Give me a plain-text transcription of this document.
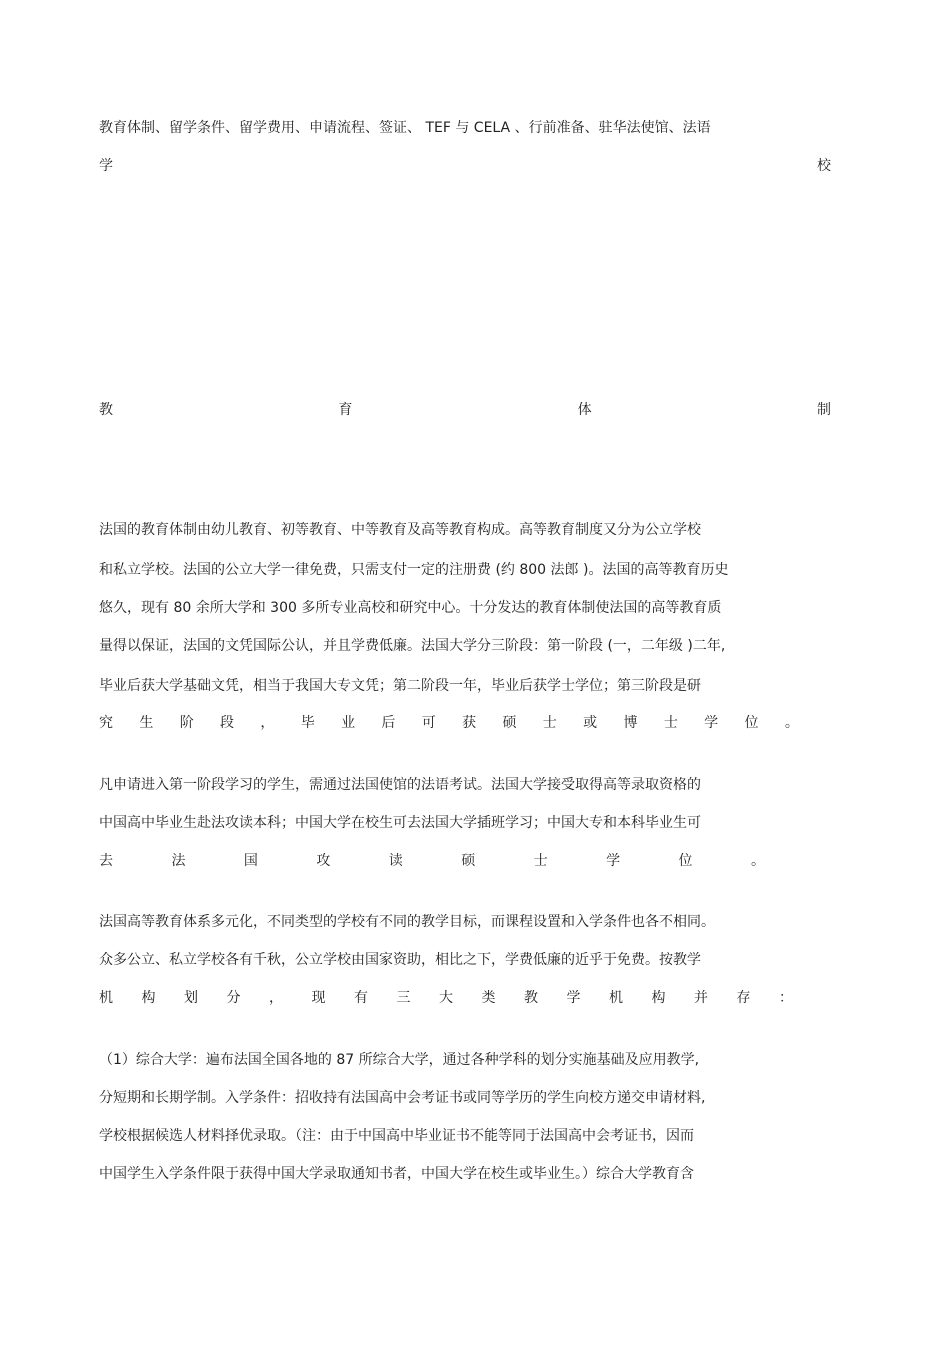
教育体制、留学条件、留学费用、申请流程、签证、 TEF 与 CELA 、行前准备、驻华法使馆、法语
学	校
教	育	体	制
法国的教育体制由幼儿教育、初等教育、中等教育及高等教育构成。高等教育制度又分为公立学校
和私立学校。法国的公立大学一律免费，只需支付一定的注册费 (约 800 法郎 )。法国的高等教育历史
悠久，现有 80 余所大学和 300 多所专业高校和研究中心。十分发达的教育体制使法国的高等教育质
量得以保证，法国的文凭国际公认，并且学费低廉。法国大学分三阶段：第一阶段 (一，二年级 )二年,
毕业后获大学基础文凭，相当于我国大专文凭；第二阶段一年，毕业后获学士学位；第三阶段是研
究 生 阶 段 ， 毕 业 后 可 获 硕 士 或 博 士 学 位 。
凡申请进入第一阶段学习的学生，需通过法国使馆的法语考试。法国大学接受取得高等录取资格的
中国高中毕业生赴法攻读本科；中国大学在校生可去法国大学插班学习；中国大专和本科毕业生可
去	法	国	攻	读	硕	士	学	位	。
法国高等教育体系多元化，不同类型的学校有不同的教学目标，而课程设置和入学条件也各不相同。
众多公立、私立学校各有千秋，公立学校由国家资助，相比之下，学费低廉的近乎于免费。按教学
机 构 划 分 ， 现 有 三 大 类 教 学 机 构 并 存 ：
（1）综合大学：遍布法国全国各地的 87 所综合大学，通过各种学科的划分实施基础及应用教学,
分短期和长期学制。入学条件：招收持有法国高中会考证书或同等学历的学生向校方递交申请材料,
学校根据候选人材料择优录取。（注：由于中国高中毕业证书不能等同于法国高中会考证书，因而
中国学生入学条件限于获得中国大学录取通知书者，中国大学在校生或毕业生。）综合大学教育含
